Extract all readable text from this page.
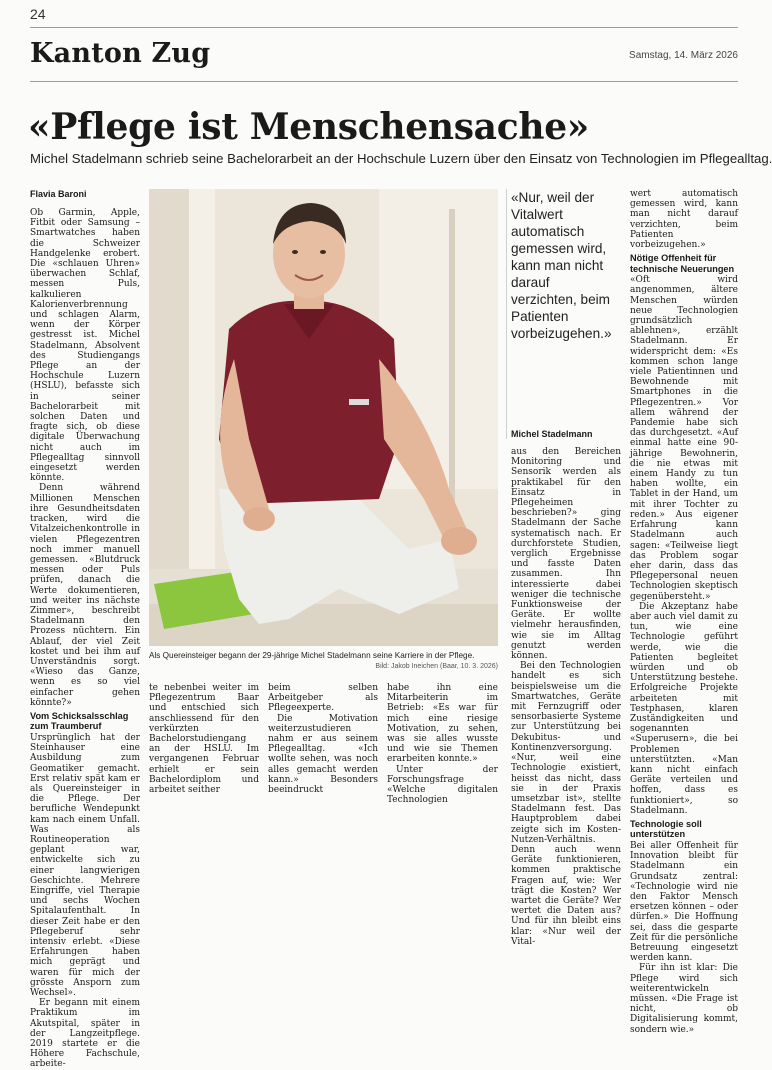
24
Kanton Zug	Samstag, 14. März 2026
«Pflege ist Menschensache»
Michel Stadelmann schrieb seine Bachelorarbeit an der Hochschule Luzern über den Einsatz von Technologien im Pflegealltag.
Flavia Baroni

Ob Garmin, Apple, Fitbit oder Samsung – Smartwatches haben die Schweizer Handgelenke erobert. Die «schlauen Uhren» überwachen Schlaf, messen Puls, kalkulieren Kalorienverbrennung und schlagen Alarm, wenn der Körper gestresst ist. Michel Stadelmann, Absolvent des Studiengangs Pflege an der Hochschule Luzern (HSLU), befasste sich in seiner Bachelorarbeit mit solchen Daten und fragte sich, ob diese digitale Überwachung nicht auch im Pflegealltag sinnvoll eingesetzt werden könnte.

Denn während Millionen Menschen ihre Gesundheitsdaten tracken, wird die Vitalzeichenkontrolle in vielen Pflegezentren noch immer manuell gemessen. «Blutdruck messen oder Puls prüfen, danach die Werte dokumentieren, und weiter ins nächste Zimmer», beschreibt Stadelmann den Prozess nüchtern. Ein Ablauf, der viel Zeit kostet und bei ihm auf Unverständnis sorgt. «Wieso das Ganze, wenn es so viel einfacher gehen könnte?»

Vom Schicksalsschlag zum Traumberuf

Ursprünglich hat der Steinhauser eine Ausbildung zum Geomatiker gemacht. Erst relativ spät kam er als Quereinsteiger in die Pflege. Der berufliche Wendepunkt kam nach einem Unfall. Was als Routineoperation geplant war, entwickelte sich zu einer langwierigen Geschichte. Mehrere Eingriffe, viel Therapie und sechs Wochen Spitalaufenthalt. In dieser Zeit habe er den Pflegeberuf sehr intensiv erlebt. «Diese Erfahrungen haben mich geprägt und waren für mich der grösste Ansporn zum Wechsel».

Er begann mit einem Praktikum im Akutspital, später in der Langzeitpflege. 2019 startete er die Höhere Fachschule, arbeite-

Als Quereinsteiger begann der 29-jährige Michel Stadelmann seine Karriere in der Pflege.
Bild: Jakob Ineichen (Baar, 10. 3. 2026)

te nebenbei weiter im Pflegezentrum Baar und entschied sich anschliessend für den verkürzten Bachelorstudiengang an der HSLU. Im vergangenen Februar erhielt er sein Bachelordiplom und arbeitet seither

beim selben Arbeitgeber als Pflegeexperte.

Die Motivation weiterzustudieren nahm er aus seinem Pflegealltag. «Ich wollte sehen, was noch alles gemacht werden kann.» Besonders beeindruckt

habe ihn eine Mitarbeiterin im Betrieb: «Es war für mich eine riesige Motivation, zu sehen, was sie alles wusste und wie sie Themen erarbeiten konnte.»

Unter der Forschungsfrage «Welche digitalen Technologien

«Nur, weil der Vitalwert automatisch gemessen wird, kann man nicht darauf verzichten, beim Patienten vorbeizugehen.»
Michel Stadelmann

aus den Bereichen Monitoring und Sensorik werden als praktikabel für den Einsatz in Pflegeheimen beschrieben?» ging Stadelmann der Sache systematisch nach. Er durchforstete Studien, verglich Ergebnisse und fasste Daten zusammen. Ihn interessierte dabei weniger die technische Funktionsweise der Geräte. Er wollte vielmehr herausfinden, wie sie im Alltag genutzt werden können.

Bei den Technologien handelt es sich beispielsweise um die Smartwatches, Geräte mit Fernzugriff oder sensorbasierte Systeme zur Unterstützung bei Dekubitus- und Kontinenzversorgung. «Nur, weil eine Technologie existiert, heisst das nicht, dass sie in der Praxis umsetzbar ist», stellte Stadelmann fest. Das Hauptproblem dabei zeigte sich im Kosten-Nutzen-Verhältnis. Denn auch wenn Geräte funktionieren, kommen praktische Fragen auf, wie: Wer trägt die Kosten? Wer wartet die Geräte? Wer wertet die Daten aus? Und für ihn bleibt eins klar: «Nur weil der Vital-

wert automatisch gemessen wird, kann man nicht darauf verzichten, beim Patienten vorbeizugehen.»

Nötige Offenheit für technische Neuerungen

«Oft wird angenommen, ältere Menschen würden neue Technologien grundsätzlich ablehnen», erzählt Stadelmann. Er widerspricht dem: «Es kommen schon lange viele Patientinnen und Bewohnende mit Smartphones in die Pflegezentren.» Vor allem während der Pandemie habe sich das durchgesetzt. «Auf einmal hatte eine 90-jährige Bewohnerin, die nie etwas mit einem Handy zu tun haben wollte, ein Tablet in der Hand, um mit ihrer Tochter zu reden.» Aus eigener Erfahrung kann Stadelmann auch sagen: «Teilweise liegt das Problem sogar eher darin, dass das Pflegepersonal neuen Technologien skeptisch gegenübersteht.»

Die Akzeptanz habe aber auch viel damit zu tun, wie eine Technologie geführt werde, wie die Patienten begleitet würden und ob Unterstützung bestehe. Erfolgreiche Projekte arbeiteten mit Testphasen, klaren Zuständigkeiten und sogenannten «Superusern», die bei Problemen unterstützten. «Man kann nicht einfach Geräte verteilen und hoffen, dass es funktioniert», so Stadelmann.

Technologie soll unterstützen

Bei aller Offenheit für Innovation bleibt für Stadelmann ein Grundsatz zentral: «Technologie wird nie den Faktor Mensch ersetzen können – oder dürfen.» Die Hoffnung sei, dass die gesparte Zeit für die persönliche Betreuung eingesetzt werden kann.

Für ihn ist klar: Die Pflege wird sich weiterentwickeln müssen. «Die Frage ist nicht, ob Digitalisierung kommt, sondern wie.»
